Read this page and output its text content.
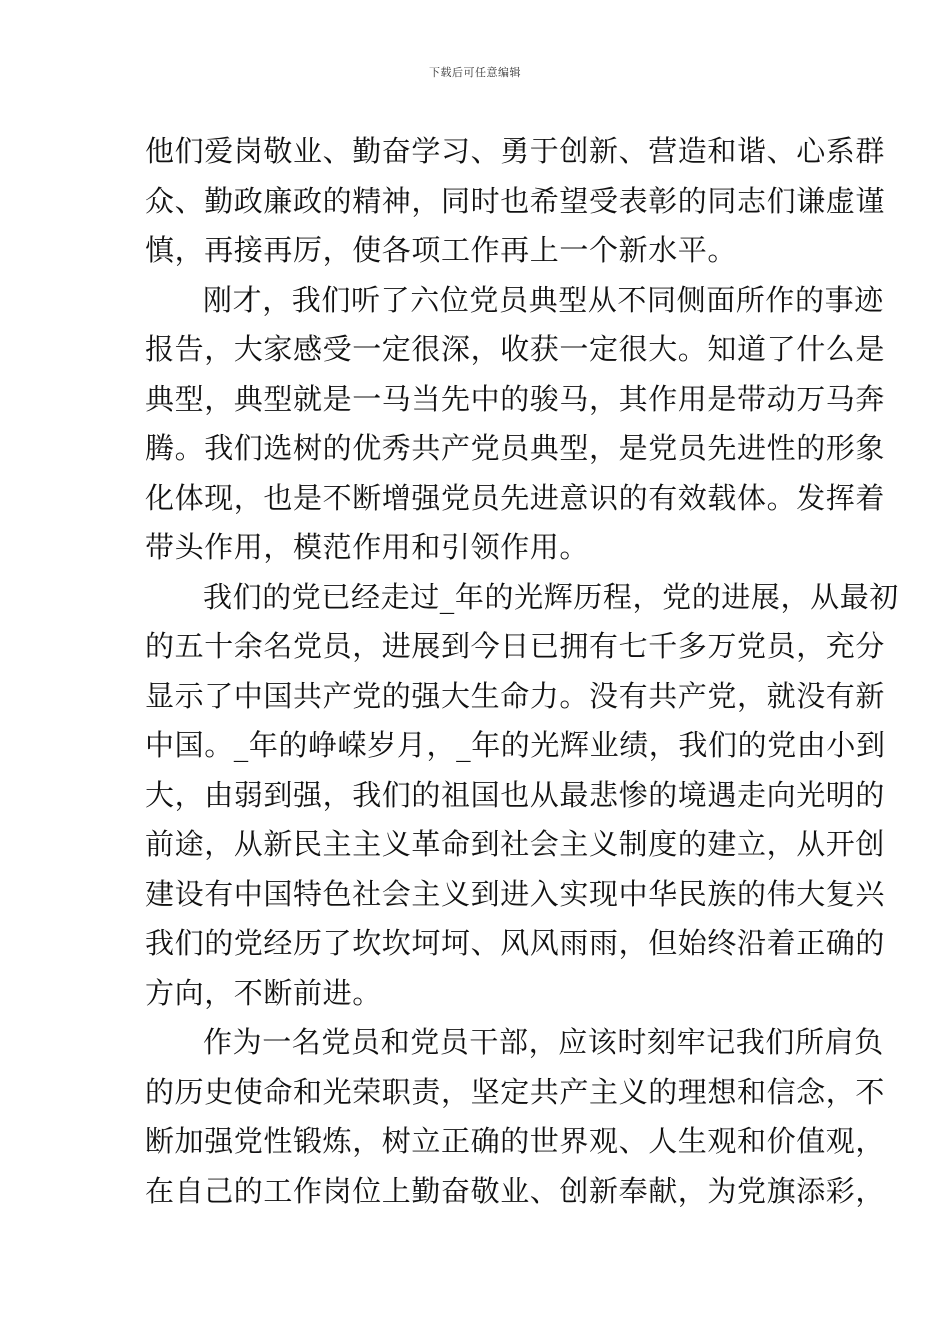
下载后可任意编辑
他们爱岗敬业、勤奋学习、勇于创新、营造和谐、心系群
众、勤政廉政的精神，同时也希望受表彰的同志们谦虚谨
慎，再接再厉，使各项工作再上一个新水平。
刚才，我们听了六位党员典型从不同侧面所作的事迹
报告，大家感受一定很深，收获一定很大。知道了什么是
典型，典型就是一马当先中的骏马，其作用是带动万马奔
腾。我们选树的优秀共产党员典型，是党员先进性的形象
化体现，也是不断增强党员先进意识的有效载体。发挥着
带头作用，模范作用和引领作用。
我们的党已经走过_年的光辉历程，党的进展，从最初
的五十余名党员，进展到今日已拥有七千多万党员，充分
显示了中国共产党的强大生命力。没有共产党，就没有新
中国。_年的峥嵘岁月，_年的光辉业绩，我们的党由小到
大，由弱到强，我们的祖国也从最悲惨的境遇走向光明的
前途，从新民主主义革命到社会主义制度的建立，从开创
建设有中国特色社会主义到进入实现中华民族的伟大复兴
我们的党经历了坎坎坷坷、风风雨雨，但始终沿着正确的
方向，不断前进。
作为一名党员和党员干部，应该时刻牢记我们所肩负
的历史使命和光荣职责，坚定共产主义的理想和信念，不
断加强党性锻炼，树立正确的世界观、人生观和价值观，
在自己的工作岗位上勤奋敬业、创新奉献，为党旗添彩，
